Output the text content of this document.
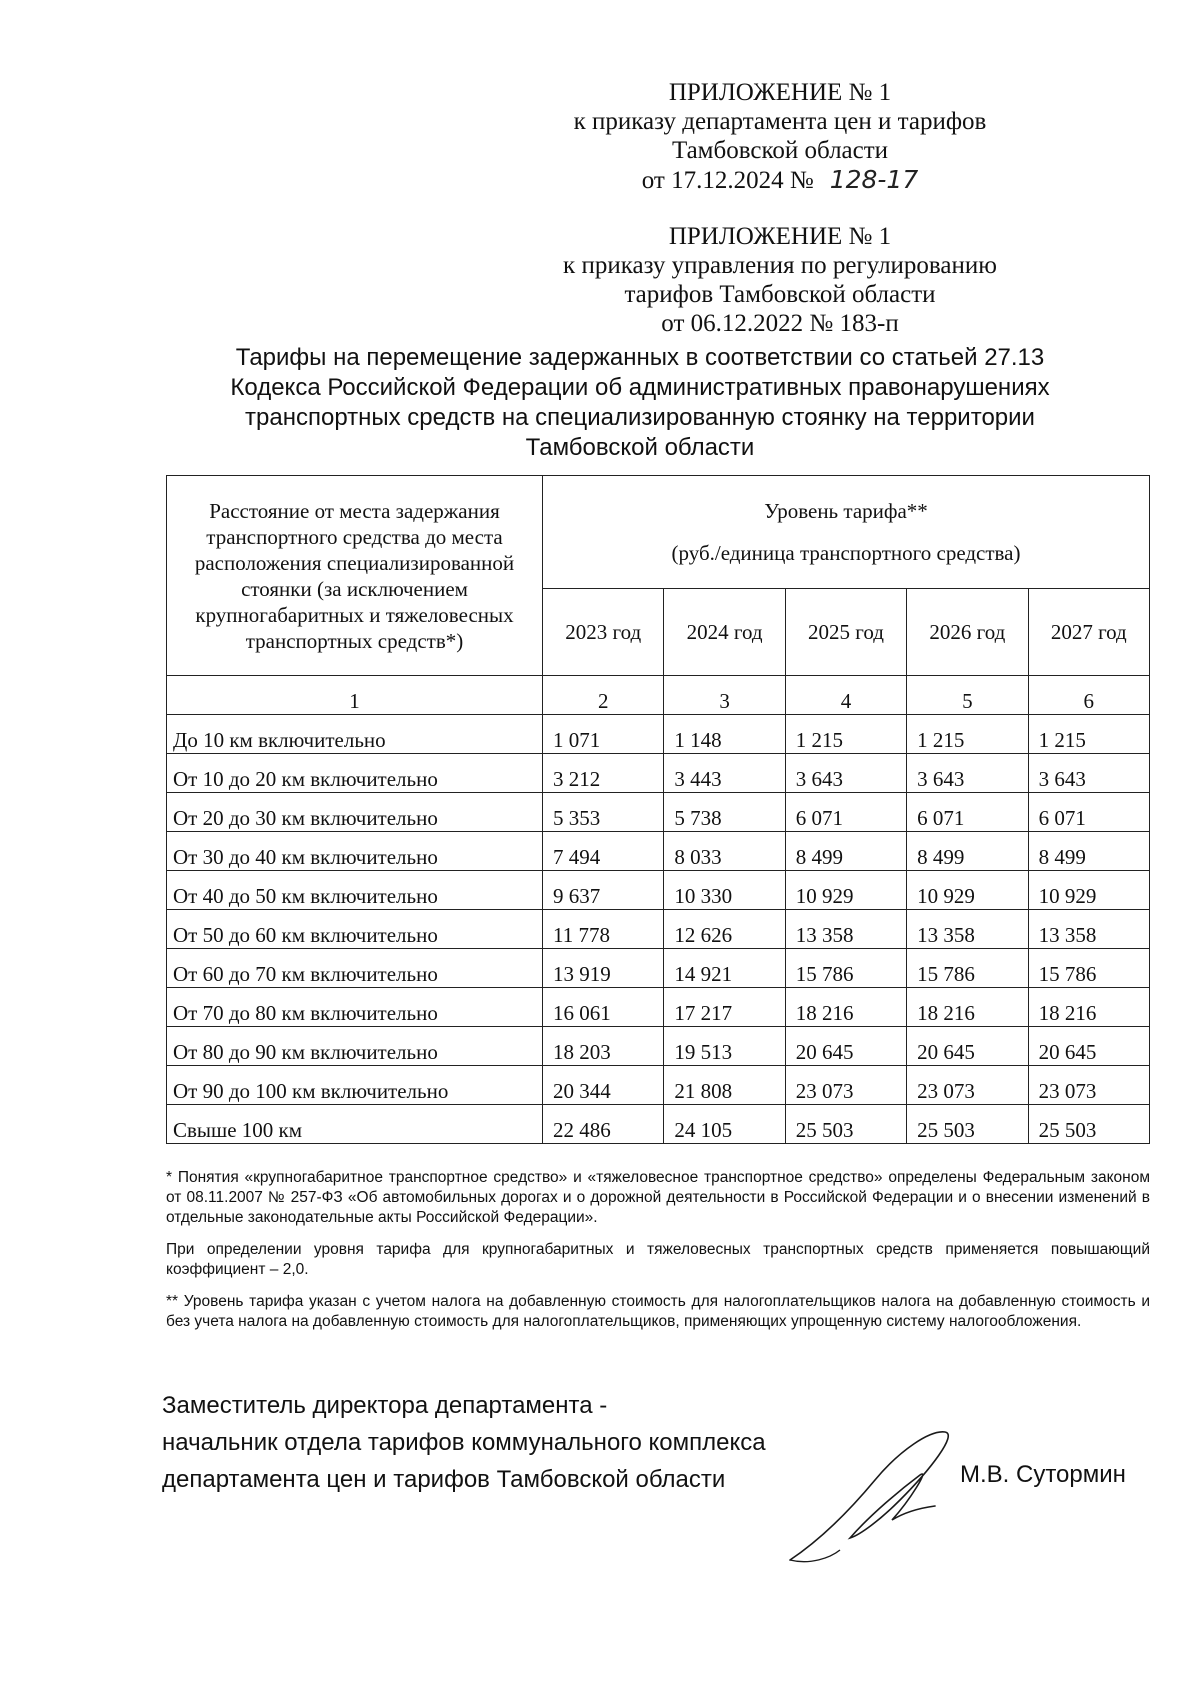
ПРИЛОЖЕНИЕ № 1
к приказу департамента цен и тарифов
Тамбовской области
от 17.12.2024 № 128-17
ПРИЛОЖЕНИЕ № 1
к приказу управления по регулированию
тарифов Тамбовской области
от 06.12.2022 № 183-п
Тарифы на перемещение задержанных в соответствии со статьей 27.13
Кодекса Российской Федерации об административных правонарушениях
транспортных средств на специализированную стоянку на территории
Тамбовской области
Расстояние от места задержания транспортного средства до места расположения специализированной стоянки (за исключением крупногабаритных и тяжеловесных транспортных средств*)	Уровень тарифа**
(руб./единица транспортного средства)				

	2023 год	2024 год	2025 год	2026 год	2027 год
1	2	3	4	5	6
До 10 км включительно	1 071	1 148	1 215	1 215	1 215
От 10 до 20 км включительно	3 212	3 443	3 643	3 643	3 643
От 20 до 30 км включительно	5 353	5 738	6 071	6 071	6 071
От 30 до 40 км включительно	7 494	8 033	8 499	8 499	8 499
От 40 до 50 км включительно	9 637	10 330	10 929	10 929	10 929
От 50 до 60 км включительно	11 778	12 626	13 358	13 358	13 358
От 60 до 70 км включительно	13 919	14 921	15 786	15 786	15 786
От 70 до 80 км включительно	16 061	17 217	18 216	18 216	18 216
От 80 до 90 км включительно	18 203	19 513	20 645	20 645	20 645
От 90 до 100 км включительно	20 344	21 808	23 073	23 073	23 073
Свыше 100 км	22 486	24 105	25 503	25 503	25 503

* Понятия «крупногабаритное транспортное средство» и «тяжеловесное транспортное средство» определены Федеральным законом от 08.11.2007 № 257-ФЗ «Об автомобильных дорогах и о дорожной деятельности в Российской Федерации и о внесении изменений в отдельные законодательные акты Российской Федерации».

При определении уровня тарифа для крупногабаритных и тяжеловесных транспортных средств применяется повышающий коэффициент – 2,0.

** Уровень тарифа указан с учетом налога на добавленную стоимость для налогоплательщиков налога на добавленную стоимость и без учета налога на добавленную стоимость для налогоплательщиков, применяющих упрощенную систему налогообложения.

Заместитель директора департамента -
начальник отдела тарифов коммунального комплекса
департамента цен и тарифов Тамбовской области	М.В. Сутормин
